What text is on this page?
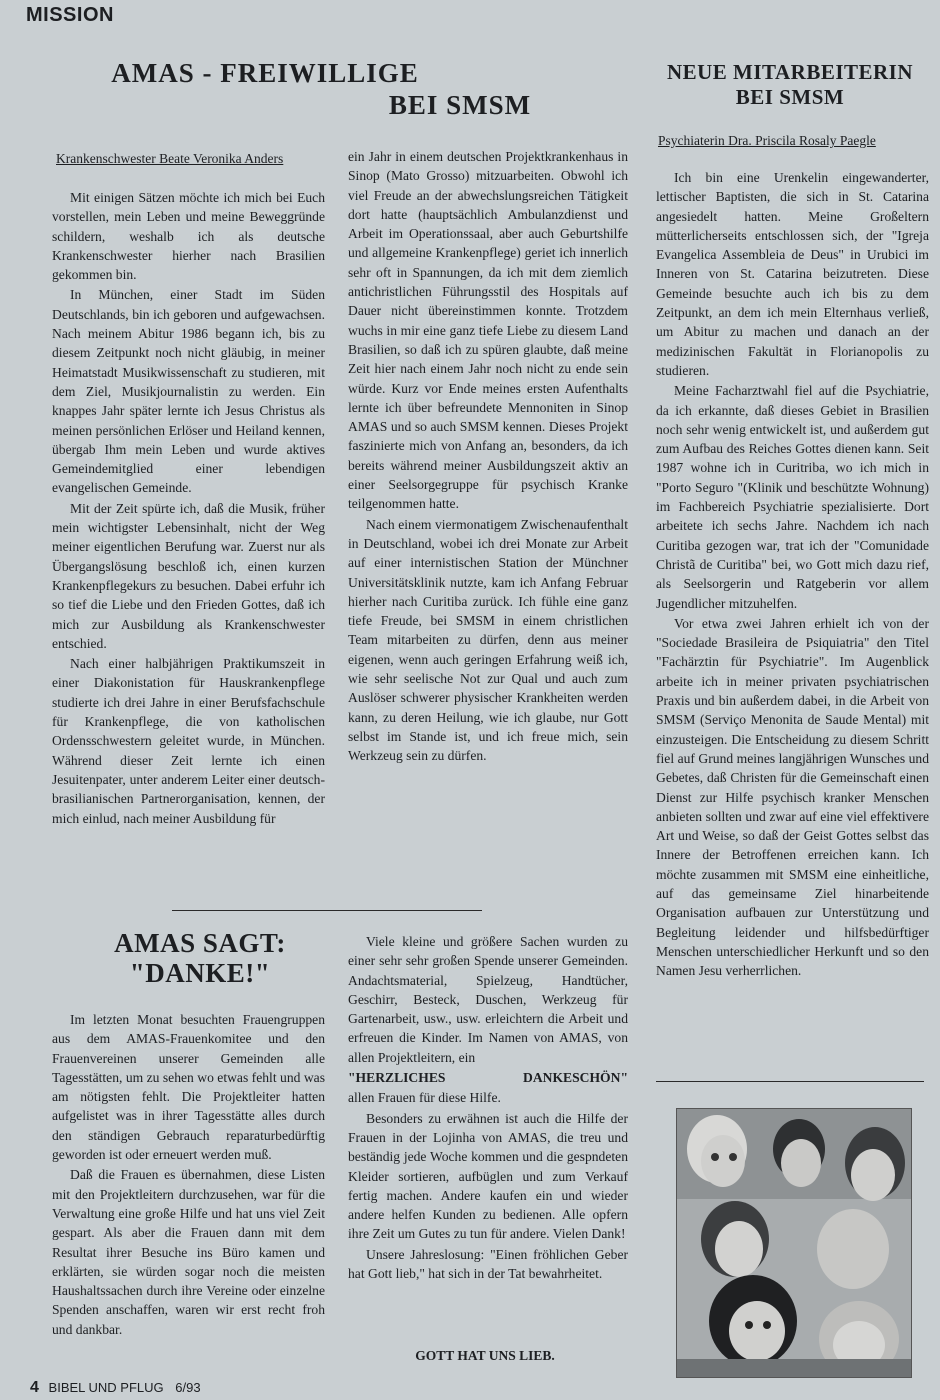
MISSION
AMAS - FREIWILLIGE
BEI SMSM
NEUE MITARBEITERIN
BEI SMSM
Krankenschwester Beate Veronika Anders
Psychiaterin Dra. Priscila Rosaly Paegle

Mit einigen Sätzen möchte ich mich bei Euch vorstellen, mein Leben und meine Beweggründe schildern, weshalb ich als deutsche Krankenschwester hierher nach Brasilien gekommen bin.

In München, einer Stadt im Süden Deutschlands, bin ich geboren und aufgewachsen. Nach meinem Abitur 1986 begann ich, bis zu diesem Zeitpunkt noch nicht gläubig, in meiner Heimatstadt Musikwissenschaft zu studieren, mit dem Ziel, Musikjournalistin zu werden. Ein knappes Jahr später lernte ich Jesus Christus als meinen persönlichen Erlöser und Heiland kennen, übergab Ihm mein Leben und wurde aktives Gemeindemitglied einer lebendigen evangelischen Gemeinde.

Mit der Zeit spürte ich, daß die Musik, früher mein wichtigster Lebensinhalt, nicht der Weg meiner eigentlichen Berufung war. Zuerst nur als Übergangslösung beschloß ich, einen kurzen Krankenpflegekurs zu besuchen. Dabei erfuhr ich so tief die Liebe und den Frieden Gottes, daß ich mich zur Ausbildung als Krankenschwester entschied.

Nach einer halbjährigen Praktikumszeit in einer Diakonistation für Hauskrankenpflege studierte ich drei Jahre in einer Berufsfachschule für Krankenpflege, die von katholischen Ordensschwestern geleitet wurde, in München. Während dieser Zeit lernte ich einen Jesuitenpater, unter anderem Leiter einer deutsch-brasilianischen Partnerorganisation, kennen, der mich einlud, nach meiner Ausbildung für

ein Jahr in einem deutschen Projektkrankenhaus in Sinop (Mato Grosso) mitzuarbeiten. Obwohl ich viel Freude an der abwechslungsreichen Tätigkeit dort hatte (hauptsächlich Ambulanzdienst und Arbeit im Operationssaal, aber auch Geburtshilfe und allgemeine Krankenpflege) geriet ich innerlich sehr oft in Spannungen, da ich mit dem ziemlich antichristlichen Führungsstil des Hospitals auf Dauer nicht übereinstimmen konnte. Trotzdem wuchs in mir eine ganz tiefe Liebe zu diesem Land Brasilien, so daß ich zu spüren glaubte, daß meine Zeit hier nach einem Jahr noch nicht zu ende sein würde. Kurz vor Ende meines ersten Aufenthalts lernte ich über befreundete Mennoniten in Sinop AMAS und so auch SMSM kennen. Dieses Projekt faszinierte mich von Anfang an, besonders, da ich bereits während meiner Ausbildungszeit aktiv an einer Seelsorgegruppe für psychisch Kranke teilgenommen hatte.

Nach einem viermonatigem Zwischenaufenthalt in Deutschland, wobei ich drei Monate zur Arbeit auf einer internistischen Station der Münchner Universitätsklinik nutzte, kam ich Anfang Februar hierher nach Curitiba zurück. Ich fühle eine ganz tiefe Freude, bei SMSM in einem christlichen Team mitarbeiten zu dürfen, denn aus meiner eigenen, wenn auch geringen Erfahrung weiß ich, wie sehr seelische Not zur Qual und auch zum Auslöser schwerer physischer Krankheiten werden kann, zu deren Heilung, wie ich glaube, nur Gott selbst im Stande ist, und ich freue mich, sein Werkzeug sein zu dürfen.

Ich bin eine Urenkelin eingewanderter, lettischer Baptisten, die sich in St. Catarina angesiedelt hatten. Meine Großeltern mütterlicherseits entschlossen sich, der "Igreja Evangelica Assembleia de Deus" in Urubici im Inneren von St. Catarina beizutreten. Diese Gemeinde besuchte auch ich bis zu dem Zeitpunkt, an dem ich mein Elternhaus verließ, um Abitur zu machen und danach an der medizinischen Fakultät in Florianopolis zu studieren.

Meine Facharztwahl fiel auf die Psychiatrie, da ich erkannte, daß dieses Gebiet in Brasilien noch sehr wenig entwickelt ist, und außerdem gut zum Aufbau des Reiches Gottes dienen kann. Seit 1987 wohne ich in Curitriba, wo ich mich in "Porto Seguro "(Klinik und beschützte Wohnung) im Fachbereich Psychiatrie spezialisierte. Dort arbeitete ich sechs Jahre. Nachdem ich nach Curitiba gezogen war, trat ich der "Comunidade Christã de Curitiba" bei, wo Gott mich dazu rief, als Seelsorgerin und Ratgeberin vor allem Jugendlicher mitzuhelfen.

Vor etwa zwei Jahren erhielt ich von der "Sociedade Brasileira de Psiquiatria" den Titel "Fachärztin für Psychiatrie". Im Augenblick arbeite ich in meiner privaten psychiatrischen Praxis und bin außerdem dabei, in die Arbeit von SMSM (Serviço Menonita de Saude Mental) mit einzusteigen. Die Entscheidung zu diesem Schritt fiel auf Grund meines langjährigen Wunsches und Gebetes, daß Christen für die Gemeinschaft einen Dienst zur Hilfe psychisch kranker Menschen anbieten sollten und zwar auf eine viel effektivere Art und Weise, so daß der Geist Gottes selbst das Innere der Betroffenen erreichen kann. Ich möchte zusammen mit SMSM eine einheitliche, auf das gemeinsame Ziel hinarbeitende Organisation aufbauen zur Unterstützung und Begleitung leidender und hilfsbedürftiger Menschen unterschiedlicher Herkunft und so den Namen Jesu verherrlichen.

AMAS SAGT:
"DANKE!"

Im letzten Monat besuchten Frauengruppen aus dem AMAS-Frauenkomitee und den Frauenvereinen unserer Gemeinden alle Tagesstätten, um zu sehen wo etwas fehlt und was am nötigsten fehlt. Die Projektleiter hatten aufgelistet was in ihrer Tagesstätte alles durch den ständigen Gebrauch reparaturbedürftig geworden ist oder erneuert werden muß.

Daß die Frauen es übernahmen, diese Listen mit den Projektleitern durchzusehen, war für die Verwaltung eine große Hilfe und hat uns viel Zeit gespart. Als aber die Frauen dann mit dem Resultat ihrer Besuche ins Büro kamen und erklärten, sie würden sogar noch die meisten Haushaltssachen durch ihre Vereine oder einzelne Spenden anschaffen, waren wir erst recht froh und dankbar.

Viele kleine und größere Sachen wurden zu einer sehr sehr großen Spende unserer Gemeinden. Andachtsmaterial, Spielzeug, Handtücher, Geschirr, Besteck, Duschen, Werkzeug für Gartenarbeit, usw., usw. erleichtern die Arbeit und erfreuen die Kinder. Im Namen von AMAS, von allen Projektleitern, ein

"HERZLICHES DANKESCHÖN"

allen Frauen für diese Hilfe.

Besonders zu erwähnen ist auch die Hilfe der Frauen in der Lojinha von AMAS, die treu und beständig jede Woche kommen und die gespndeten Kleider sortieren, aufbüglen und zum Verkauf fertig machen. Andere kaufen ein und wieder andere helfen Kunden zu bedienen. Alle opfern ihre Zeit um Gutes zu tun für andere. Vielen Dank!

Unsere Jahreslosung: "Einen fröhlichen Geber hat Gott lieb," hat sich in der Tat bewahrheitet.

GOTT HAT UNS LIEB.
4 BIBEL UND PFLUG 6/93
